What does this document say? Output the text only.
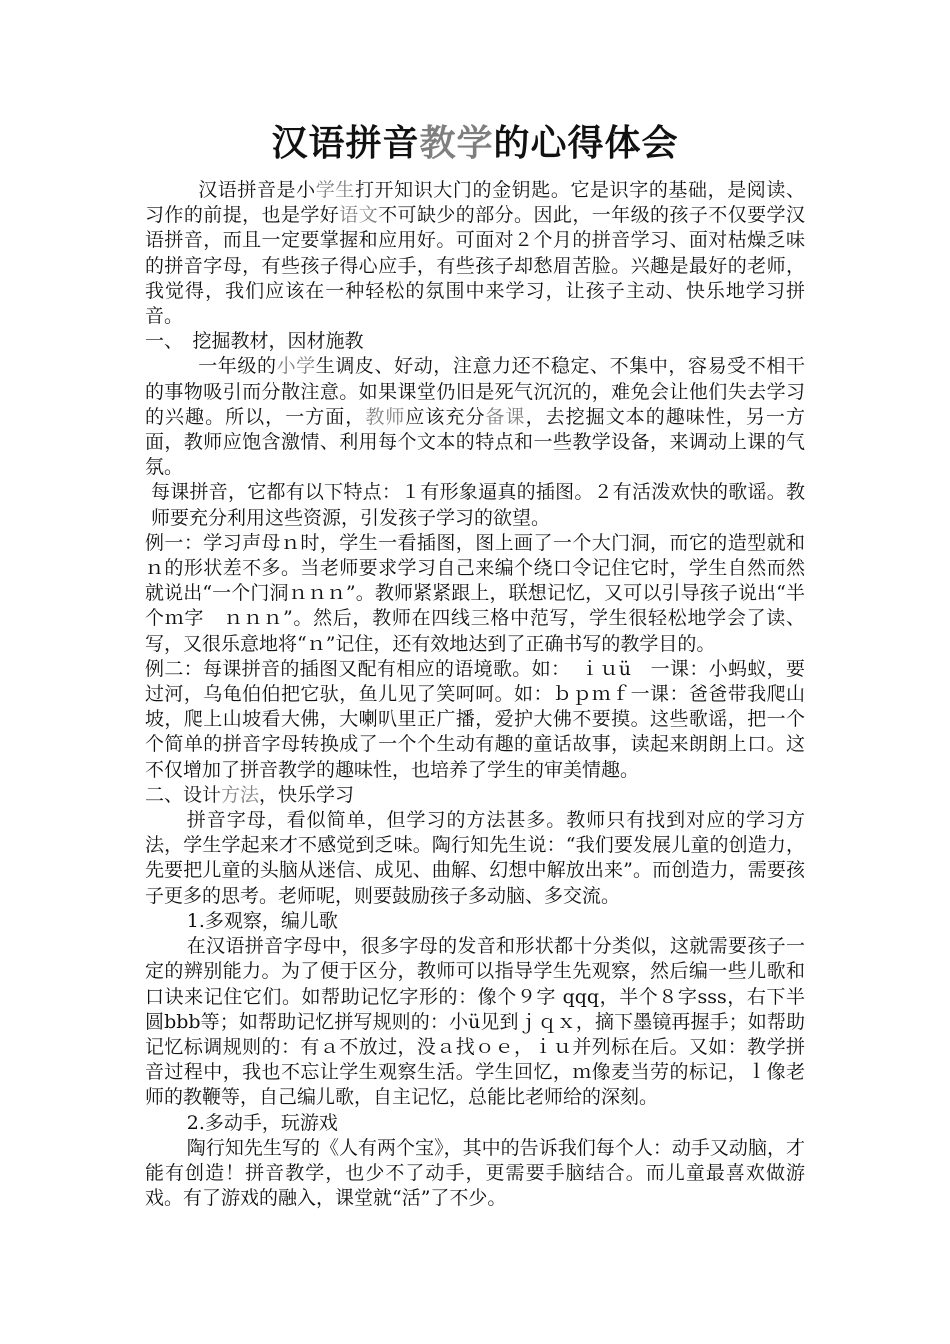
汉语拼音教学的心得体会

汉语拼音是小学生打开知识大门的金钥匙。它是识字的基础，是阅读、习作的前提，也是学好语文不可缺少的部分。因此，一年级的孩子不仅要学汉语拼音，而且一定要掌握和应用好。可面对２个月的拼音学习、面对枯燥乏味的拼音字母，有些孩子得心应手，有些孩子却愁眉苦脸。兴趣是最好的老师，我觉得，我们应该在一种轻松的氛围中来学习，让孩子主动、快乐地学习拼音。

一、　挖掘教材，因材施教

一年级的小学生调皮、好动，注意力还不稳定、不集中，容易受不相干的事物吸引而分散注意。如果课堂仍旧是死气沉沉的，难免会让他们失去学习的兴趣。所以，一方面，教师应该充分备课，去挖掘文本的趣味性，另一方面，教师应饱含激情、利用每个文本的特点和一些教学设备，来调动上课的气氛。

每课拼音，它都有以下特点：１有形象逼真的插图。２有活泼欢快的歌谣。教师要充分利用这些资源，引发孩子学习的欲望。

例一：学习声母ｎ时，学生一看插图，图上画了一个大门洞，而它的造型就和ｎ的形状差不多。当老师要求学习自己来编个绕口令记住它时，学生自然而然就说出“一个门洞ｎｎｎ”。教师紧紧跟上，联想记忆，又可以引导孩子说出“半个ｍ字　ｎｎｎ”。然后，教师在四线三格中范写，学生很轻松地学会了读、写，又很乐意地将“ｎ”记住，还有效地达到了正确书写的教学目的。

例二：每课拼音的插图又配有相应的语境歌。如：　ｉｕü　一课：小蚂蚁，要过河，乌龟伯伯把它驮，鱼儿见了笑呵呵。如：ｂｐｍｆ一课：爸爸带我爬山坡，爬上山坡看大佛，大喇叭里正广播，爱护大佛不要摸。这些歌谣，把一个个简单的拼音字母转换成了一个个生动有趣的童话故事，读起来朗朗上口。这不仅增加了拼音教学的趣味性，也培养了学生的审美情趣。

二、设计方法，快乐学习

拼音字母，看似简单，但学习的方法甚多。教师只有找到对应的学习方法，学生学起来才不感觉到乏味。陶行知先生说：“我们要发展儿童的创造力，先要把儿童的头脑从迷信、成见、曲解、幻想中解放出来”。而创造力，需要孩子更多的思考。老师呢，则要鼓励孩子多动脑、多交流。

1.多观察，编儿歌

在汉语拼音字母中，很多字母的发音和形状都十分类似，这就需要孩子一定的辨别能力。为了便于区分，教师可以指导学生先观察，然后编一些儿歌和口诀来记住它们。如帮助记忆字形的：像个９字 qqq，半个８字sss，右下半圆bbb等；如帮助记忆拼写规则的：小ü见到ｊｑｘ，摘下墨镜再握手；如帮助记忆标调规则的：有ａ不放过，没ａ找ｏｅ，ｉｕ并列标在后。又如：教学拼音过程中，我也不忘让学生观察生活。学生回忆，ｍ像麦当劳的标记，ｌ像老师的教鞭等，自己编儿歌，自主记忆，总能比老师给的深刻。

2.多动手，玩游戏

陶行知先生写的《人有两个宝》，其中的告诉我们每个人：动手又动脑，才能有创造！拼音教学，也少不了动手，更需要手脑结合。而儿童最喜欢做游戏。有了游戏的融入，课堂就“活”了不少。
